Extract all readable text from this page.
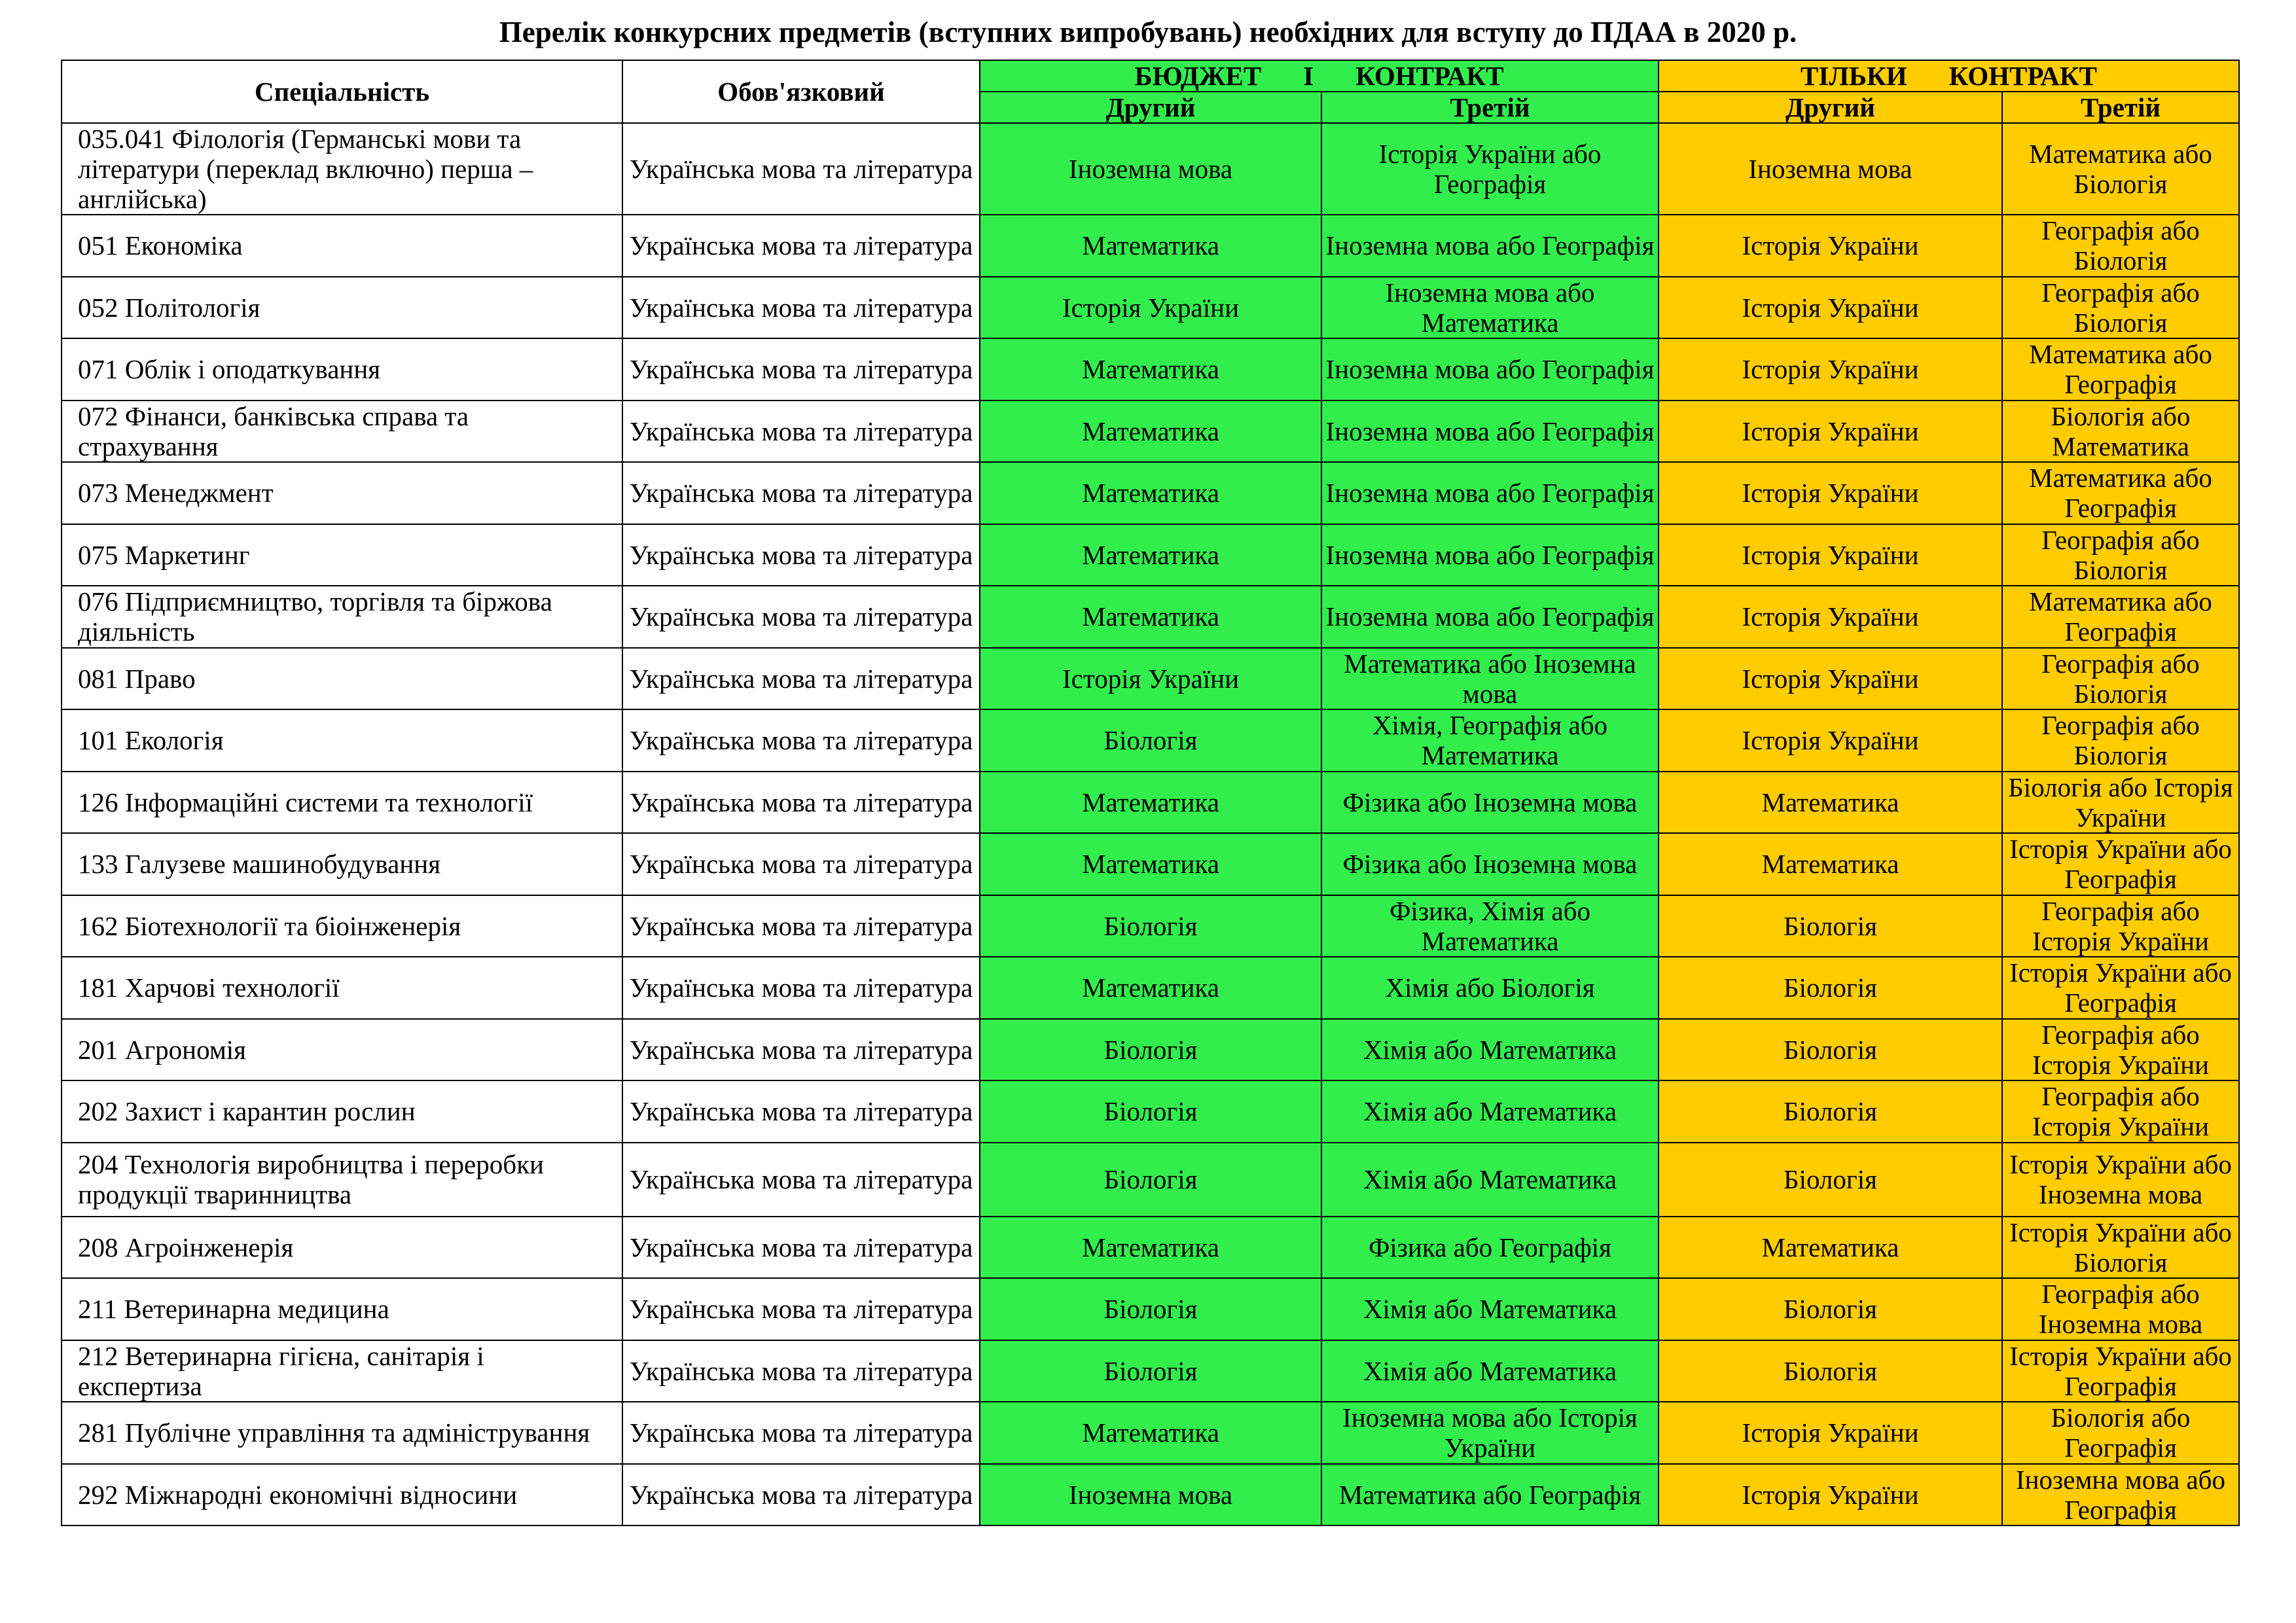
Перелік конкурсних предметів (вступних випробувань) необхідних для вступу до ПДАА в 2020 р.
Спеціальність	Обов'язковий	БЮДЖЕТ І КОНТРАКТ		ТІЛЬКИ КОНТРАКТ	
		Другий	Третій	Другий	Третій
035.041 Філологія (Германські мови та літератури (переклад включно) перша – англійська)	Українська мова та література	Іноземна мова	Історія України або Географія	Іноземна мова	Математика або Біологія
051 Економіка	Українська мова та література	Математика	Іноземна мова або Географія	Історія України	Географія або Біологія
052 Політологія	Українська мова та література	Історія України	Іноземна мова або Математика	Історія України	Географія або Біологія
071 Облік і оподаткування	Українська мова та література	Математика	Іноземна мова або Географія	Історія України	Математика або Географія
072 Фінанси, банківська справа та страхування	Українська мова та література	Математика	Іноземна мова або Географія	Історія України	Біологія або Математика
073 Менеджмент	Українська мова та література	Математика	Іноземна мова або Географія	Історія України	Математика або Географія
075 Маркетинг	Українська мова та література	Математика	Іноземна мова або Географія	Історія України	Географія або Біологія
076 Підприємництво, торгівля та біржова діяльність	Українська мова та література	Математика	Іноземна мова або Географія	Історія України	Математика або Географія
081 Право	Українська мова та література	Історія України	Математика або Іноземна мова	Історія України	Географія або Біологія
101 Екологія	Українська мова та література	Біологія	Хімія, Географія або Математика	Історія України	Географія або Біологія
126 Інформаційні системи та технології	Українська мова та література	Математика	Фізика або Іноземна мова	Математика	Біологія або Історія України
133 Галузеве машинобудування	Українська мова та література	Математика	Фізика або Іноземна мова	Математика	Історія України або Географія
162 Біотехнології та біоінженерія	Українська мова та література	Біологія	Фізика, Хімія або Математика	Біологія	Географія або Історія України
181 Харчові технології	Українська мова та література	Математика	Хімія або Біологія	Біологія	Історія України або Географія
201 Агрономія	Українська мова та література	Біологія	Хімія або Математика	Біологія	Географія або Історія України
202 Захист і карантин рослин	Українська мова та література	Біологія	Хімія або Математика	Біологія	Географія або Історія України
204 Технологія виробництва і переробки продукції тваринництва	Українська мова та література	Біологія	Хімія або Математика	Біологія	Історія України або Іноземна мова
208 Агроінженерія	Українська мова та література	Математика	Фізика або Географія	Математика	Історія України або Біологія
211 Ветеринарна медицина	Українська мова та література	Біологія	Хімія або Математика	Біологія	Географія або Іноземна мова
212 Ветеринарна гігієна, санітарія і експертиза	Українська мова та література	Біологія	Хімія або Математика	Біологія	Історія України або Географія
281 Публічне управління та адміністрування	Українська мова та література	Математика	Іноземна мова або Історія України	Історія України	Біологія або Географія
292 Міжнародні економічні відносини	Українська мова та література	Іноземна мова	Математика або Географія	Історія України	Іноземна мова або Географія
